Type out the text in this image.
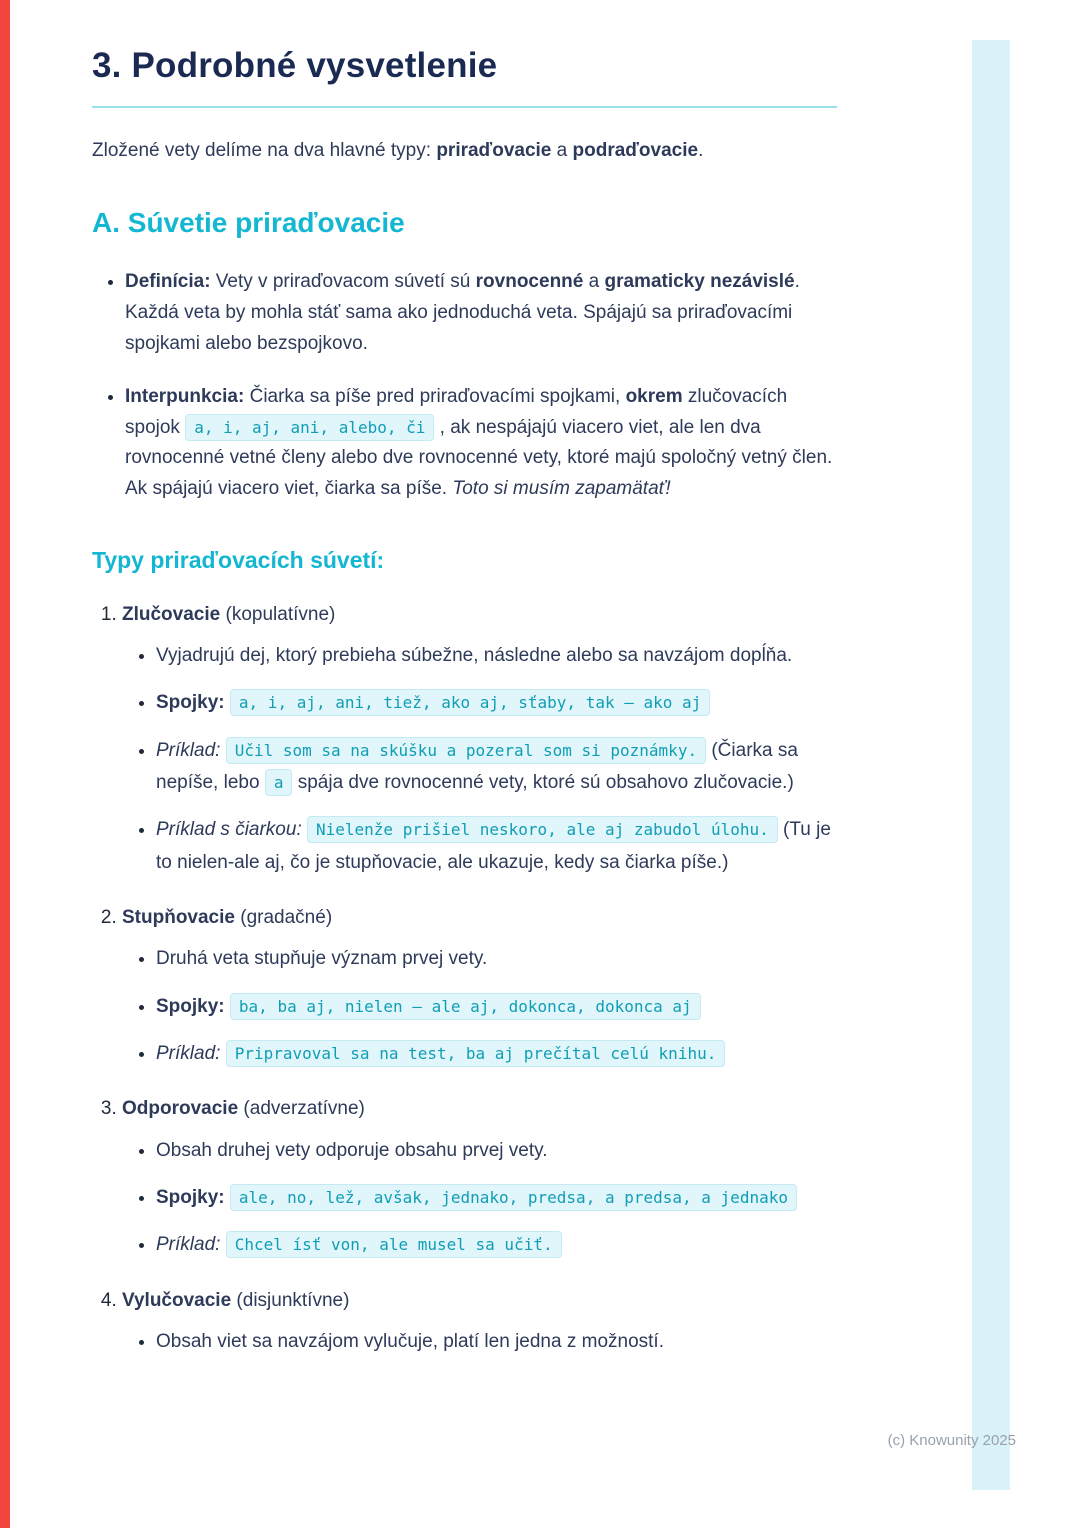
3. Podrobné vysvetlenie

Zložené vety delíme na dva hlavné typy: priraďovacie a podraďovacie.

A. Súvetie priraďovacie
• Definícia: Vety v priraďovacom súvetí sú rovnocenné a gramaticky nezávislé. Každá veta by mohla stáť sama ako jednoduchá veta. Spájajú sa priraďovacími spojkami alebo bezspojkovo.
• Interpunkcia: Čiarka sa píše pred priraďovacími spojkami, okrem zlučovacích spojok a, i, aj, ani, alebo, či , ak nespájajú viacero viet, ale len dva rovnocenné vetné členy alebo dve rovnocenné vety, ktoré majú spoločný vetný člen. Ak spájajú viacero viet, čiarka sa píše. Toto si musím zapamätať!
Typy priraďovacích súvetí:
1. Zlučovacie (kopulatívne)
• Vyjadrujú dej, ktorý prebieha súbežne, následne alebo sa navzájom dopĺňa.
• Spojky: a, i, aj, ani, tiež, ako aj, sťaby, tak – ako aj
• Príklad: Učil som sa na skúšku a pozeral som si poznámky. (Čiarka sa nepíše, lebo a spája dve rovnocenné vety, ktoré sú obsahovo zlučovacie.)
• Príklad s čiarkou: Nielenže prišiel neskoro, ale aj zabudol úlohu. (Tu je to nielen-ale aj, čo je stupňovacie, ale ukazuje, kedy sa čiarka píše.)
2. Stupňovacie (gradačné)
• Druhá veta stupňuje význam prvej vety.
• Spojky: ba, ba aj, nielen – ale aj, dokonca, dokonca aj
• Príklad: Pripravoval sa na test, ba aj prečítal celú knihu.
3. Odporovacie (adverzatívne)
• Obsah druhej vety odporuje obsahu prvej vety.
• Spojky: ale, no, lež, avšak, jednako, predsa, a predsa, a jednako
• Príklad: Chcel ísť von, ale musel sa učiť.
4. Vylučovacie (disjunktívne)
• Obsah viet sa navzájom vylučuje, platí len jedna z možností.
(c) Knowunity 2025
